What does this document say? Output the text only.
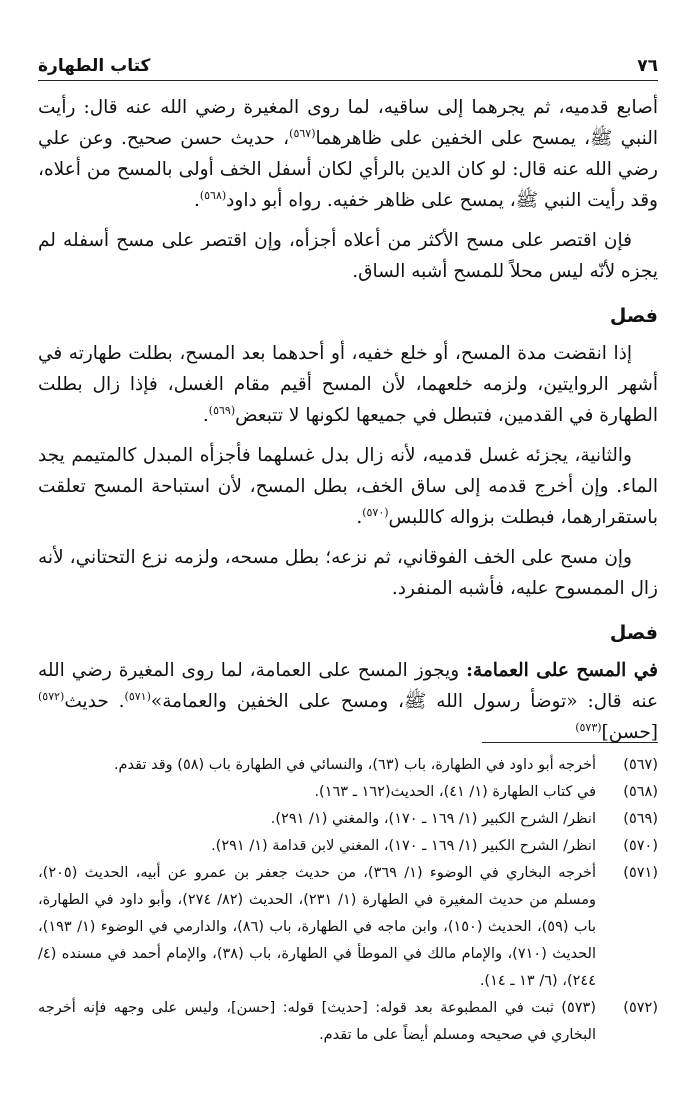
٧٦
كتاب الطهارة

أصابع قدميه، ثم يجرهما إلى ساقيه، لما روى المغيرة رضي الله عنه قال: رأيت النبي ﷺ، يمسح على الخفين على ظاهرهما$^{(٥٦٧)}$، حديث حسن صحيح. وعن علي رضي الله عنه قال: لو كان الدين بالرأي لكان أسفل الخف أولى بالمسح من أعلاه، وقد رأيت النبي ﷺ، يمسح على ظاهر خفيه. رواه أبو داود$^{(٥٦٨)}$.

فإن اقتصر على مسح الأكثر من أعلاه أجزأه، وإن اقتصر على مسح أسفله لم يجزه لأنّه ليس محلاً للمسح أشبه الساق.

فصل

إذا انقضت مدة المسح، أو خلع خفيه، أو أحدهما بعد المسح، بطلت طهارته في أشهر الروايتين، ولزمه خلعهما، لأن المسح أقيم مقام الغسل، فإذا زال بطلت الطهارة في القدمين، فتبطل في جميعها لكونها لا تتبعض$^{(٥٦٩)}$.

والثانية، يجزئه غسل قدميه، لأنه زال بدل غسلهما فأجزأه المبدل كالمتيمم يجد الماء. وإن أخرج قدمه إلى ساق الخف، بطل المسح، لأن استباحة المسح تعلقت باستقرارهما، فبطلت بزواله كاللبس$^{(٥٧٠)}$.

وإن مسح على الخف الفوقاني، ثم نزعه؛ بطل مسحه، ولزمه نزع التحتاني، لأنه زال الممسوح عليه، فأشبه المنفرد.

فصل

في المسح على العمامة: ويجوز المسح على العمامة، لما روى المغيرة رضي الله عنه قال: «توضأ رسول الله ﷺ، ومسح على الخفين والعمامة»$^{(٥٧١)}$. حديث$^{(٥٧٢)}$ [حسن]$^{(٥٧٣)}$

(٥٦٧)
أخرجه أبو داود في الطهارة، باب (٦٣)، والنسائي في الطهارة باب (٥٨) وقد تقدم.
(٥٦٨)
في كتاب الطهارة (١/ ٤١)، الحديث(١٦٢ ـ ١٦٣).
(٥٦٩)
انظر/ الشرح الكبير (١/ ١٦٩ ـ ١٧٠)، والمغني (١/ ٢٩١).
(٥٧٠)
انظر/ الشرح الكبير (١/ ١٦٩ ـ ١٧٠)، المغني لابن قدامة (١/ ٢٩١).
(٥٧١)
أخرجه البخاري في الوضوء (١/ ٣٦٩)، من حديث جعفر بن عمرو عن أبيه، الحديث (٢٠٥)، ومسلم من حديث المغيرة في الطهارة (١/ ٢٣١)، الحديث (٨٢/ ٢٧٤)، وأبو داود في الطهارة، باب (٥٩)، الحديث (١٥٠)، وابن ماجه في الطهارة، باب (٨٦)، والدارمي في الوضوء (١/ ١٩٣)، الحديث (٧١٠)، والإمام مالك في الموطأ في الطهارة، باب (٣٨)، والإمام أحمد في مسنده (٤/ ٢٤٤)، (٦/ ١٣ ـ ١٤).
(٥٧٢)
(٥٧٣) ثبت في المطبوعة بعد قوله: [حديث] قوله: [حسن]، وليس على وجهه فإنه أخرجه البخاري في صحيحه ومسلم أيضاً على ما تقدم.
